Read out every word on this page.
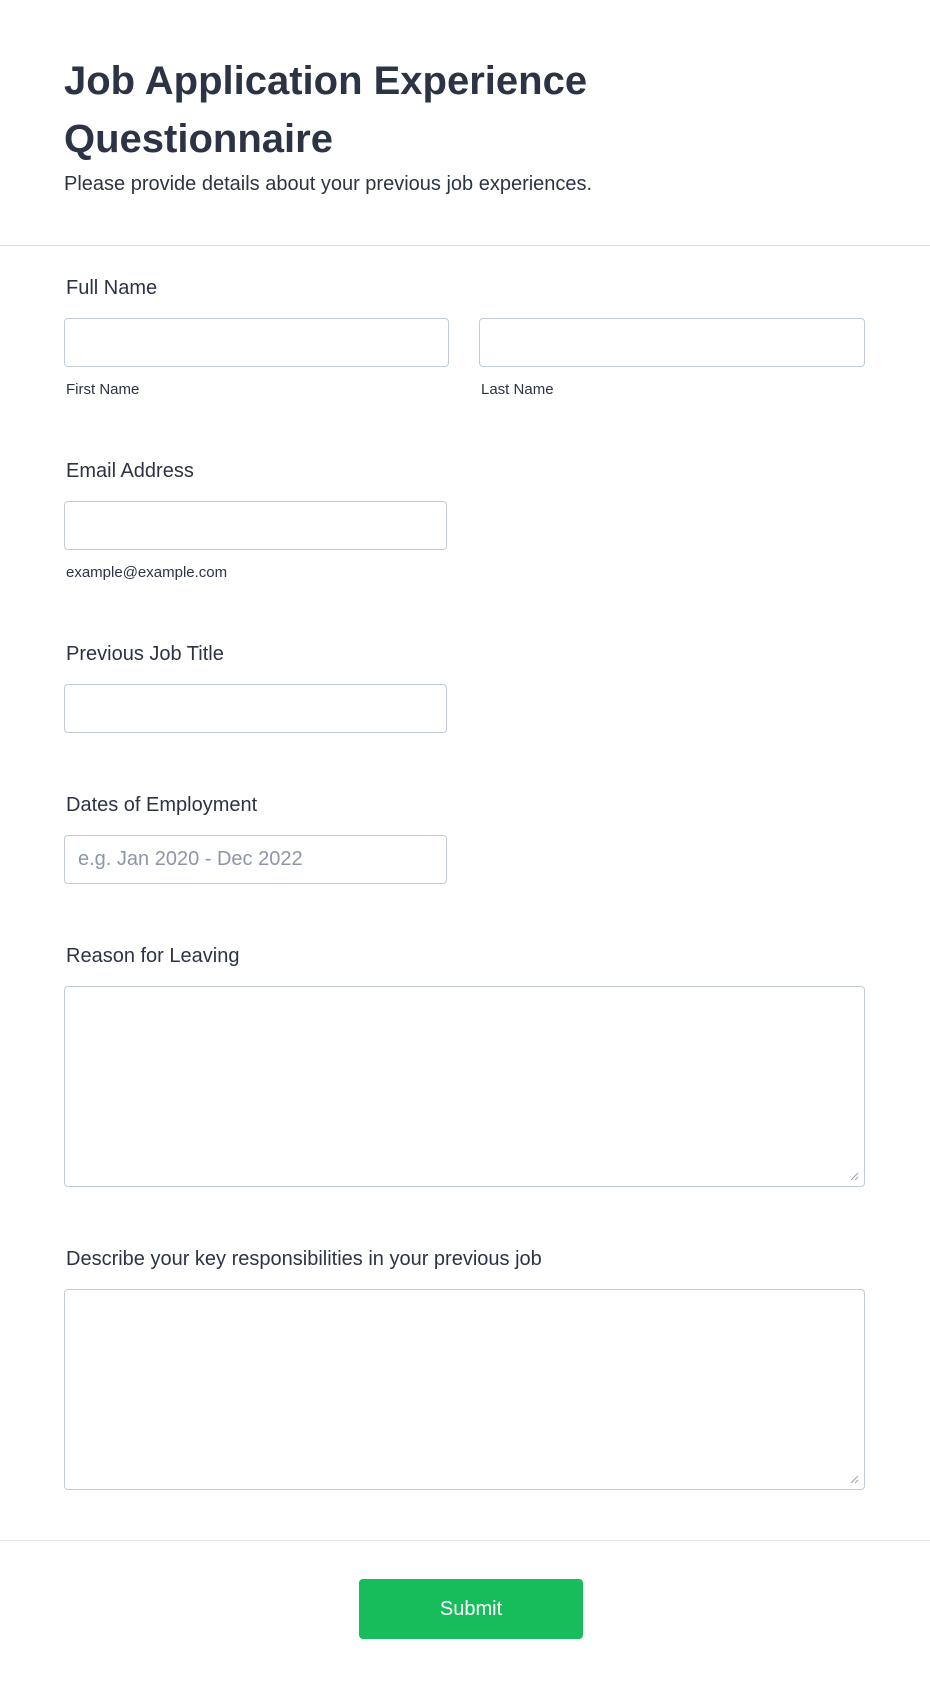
Job Application Experience Questionnaire

Please provide details about your previous job experiences.

Full Name
First Name	Last Name
Email Address
example@example.com
Previous Job Title
Dates of Employment
e.g. Jan 2020 - Dec 2022
Reason for Leaving
Describe your key responsibilities in your previous job
Submit
